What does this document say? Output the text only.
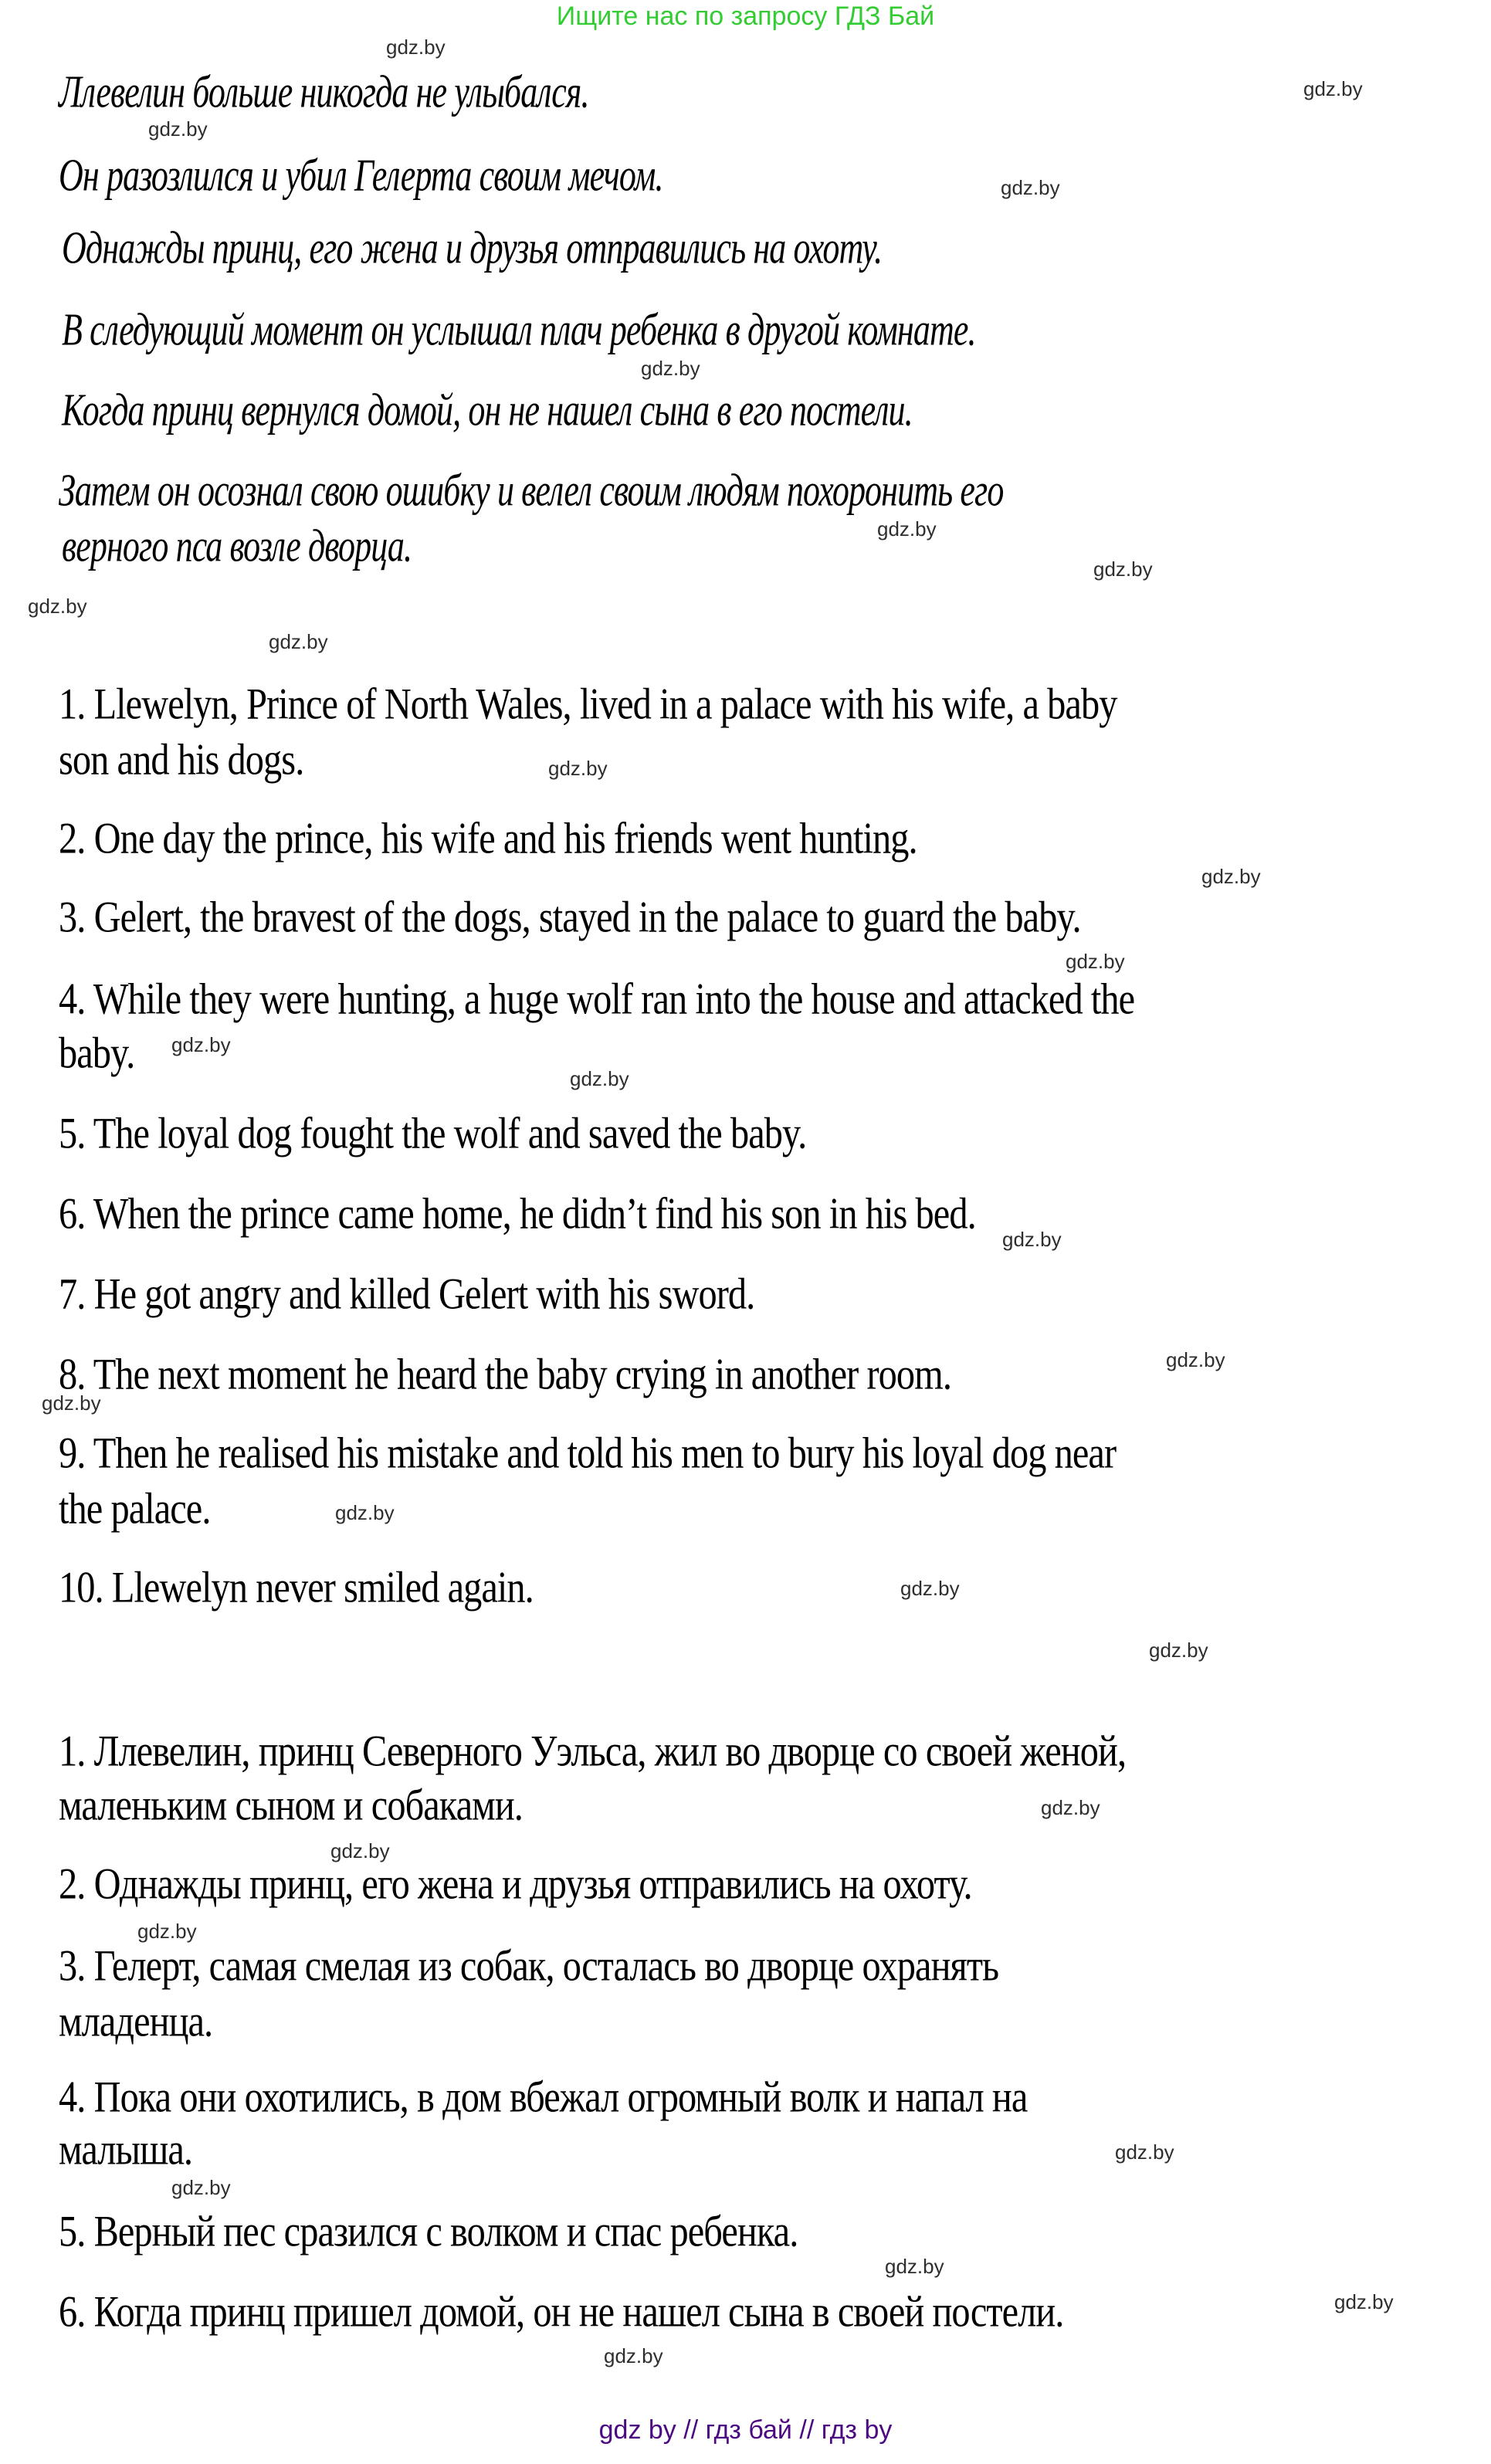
Ищите нас по запросу ГДЗ Бай
gdz.by
gdz.by
gdz.by
gdz.by
gdz.by
gdz.by
gdz.by
gdz.by
gdz.by
gdz.by
gdz.by
gdz.by
gdz.by
gdz.by
gdz.by
gdz.by
gdz.by
gdz.by
gdz.by
gdz.by
gdz.by
gdz.by
gdz.by
gdz.by
gdz.by
gdz.by
gdz.by
gdz.by
Ллевелин больше никогда не улыбался.
Он разозлился и убил Гелерта своим мечом.
Однажды принц, его жена и друзья отправились на охоту.
В следующий момент он услышал плач ребенка в другой комнате.
Когда принц вернулся домой, он не нашел сына в его постели.
Затем он осознал свою ошибку и велел своим людям похоронить его
верного пса возле дворца.
1. Llewelyn, Prince of North Wales, lived in a palace with his wife, a baby
son and his dogs.
2. One day the prince, his wife and his friends went hunting.
3. Gelert, the bravest of the dogs, stayed in the palace to guard the baby.
4. While they were hunting, a huge wolf ran into the house and attacked the
baby.
5. The loyal dog fought the wolf and saved the baby.
6. When the prince came home, he didn’t find his son in his bed.
7. He got angry and killed Gelert with his sword.
8. The next moment he heard the baby crying in another room.
9. Then he realised his mistake and told his men to bury his loyal dog near
the palace.
10. Llewelyn never smiled again.
1. Ллевелин, принц Северного Уэльса, жил во дворце со своей женой,
маленьким сыном и собаками.
2. Однажды принц, его жена и друзья отправились на охоту.
3. Гелерт, самая смелая из собак, осталась во дворце охранять
младенца.
4. Пока они охотились, в дом вбежал огромный волк и напал на
малыша.
5. Верный пес сразился с волком и спас ребенка.
6. Когда принц пришел домой, он не нашел сына в своей постели.
gdz by // гдз бай // гдз by
